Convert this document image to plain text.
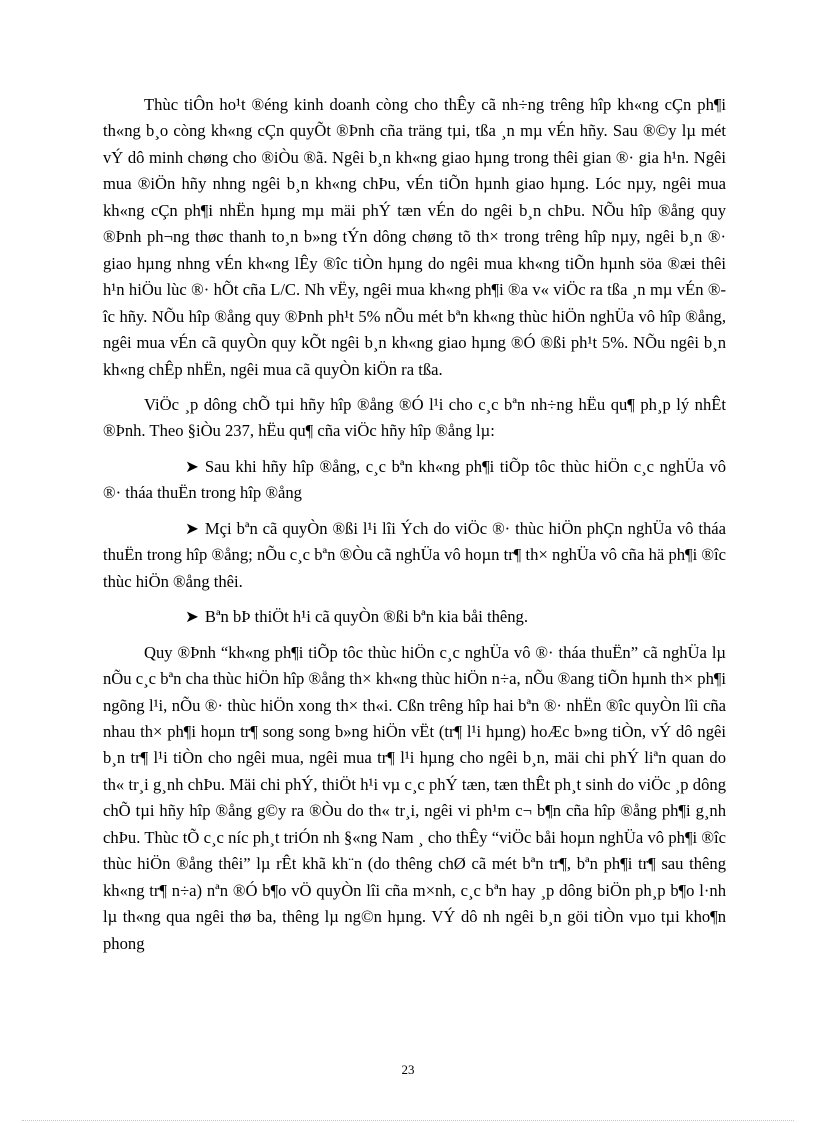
Thùc tiÔn ho¹t ®éng kinh doanh còng cho thÊy cã nh÷ng trêng hîp kh«ng cÇn ph¶i th«ng b¸o còng kh«ng cÇn quyÕt ®Þnh cña träng tµi, tßa ¸n mµ vÉn hñy. Sau ®©y lµ mét vÝ dô minh chøng cho ®iÒu ®ã. Ngêi b¸n kh«ng giao hµng trong thêi gian ®· gia h¹n. Ngêi mua ®iÖn hñy nhng ngêi b¸n kh«ng chÞu, vÉn tiÕn hµnh giao hµng. Lóc nµy, ngêi mua kh«ng cÇn ph¶i nhËn hµng mµ mäi phÝ tæn vÉn do ngêi b¸n chÞu. NÕu hîp ®ång quy ®Þnh ph¬ng thøc thanh to¸n b»ng tÝn dông chøng tõ th× trong trêng hîp nµy, ngêi b¸n ®· giao hµng nhng vÉn kh«ng lÊy ®îc tiÒn hµng do ngêi mua kh«ng tiÕn hµnh söa ®æi thêi h¹n hiÖu lùc ®· hÕt cña L/C. Nh vËy, ngêi mua kh«ng ph¶i ®a v« viÖc ra tßa ¸n mµ vÉn ®îc hñy. NÕu hîp ®ång quy ®Þnh ph¹t 5% nÕu mét bªn kh«ng thùc hiÖn nghÜa vô hîp ®ång, ngêi mua vÉn cã quyÒn quy kÕt ngêi b¸n kh«ng giao hµng ®Ó ®ßi ph¹t 5%. NÕu ngêi b¸n kh«ng chÊp nhËn, ngêi mua cã quyÒn kiÖn ra tßa.

ViÖc ¸p dông chÕ tµi hñy hîp ®ång ®Ó l¹i cho c¸c bªn nh÷ng hËu qu¶ ph¸p lý nhÊt ®Þnh. Theo §iÒu 237, hËu qu¶ cña viÖc hñy hîp ®ång lµ:

➤ Sau khi hñy hîp ®ång, c¸c bªn kh«ng ph¶i tiÕp tôc thùc hiÖn c¸c nghÜa vô ®· tháa thuËn trong hîp ®ång

➤ Mçi bªn cã quyÒn ®ßi l¹i lîi Ých do viÖc ®· thùc hiÖn phÇn nghÜa vô tháa thuËn trong hîp ®ång; nÕu c¸c bªn ®Òu cã nghÜa vô hoµn tr¶ th× nghÜa vô cña hä ph¶i ®îc thùc hiÖn ®ång thêi.

➤ Bªn bÞ thiÖt h¹i cã quyÒn ®ßi bªn kia båi thêng.

Quy ®Þnh “kh«ng ph¶i tiÕp tôc thùc hiÖn c¸c nghÜa vô ®· tháa thuËn” cã nghÜa lµ nÕu c¸c bªn cha thùc hiÖn hîp ®ång th× kh«ng thùc hiÖn n÷a, nÕu ®ang tiÕn hµnh th× ph¶i ngõng l¹i, nÕu ®· thùc hiÖn xong th× th«i. Cßn trêng hîp hai bªn ®· nhËn ®îc quyÒn lîi cña nhau th× ph¶i hoµn tr¶ song song b»ng hiÖn vËt (tr¶ l¹i hµng) hoÆc b»ng tiÒn, vÝ dô ngêi b¸n tr¶ l¹i tiÒn cho ngêi mua, ngêi mua tr¶ l¹i hµng cho ngêi b¸n, mäi chi phÝ liªn quan do th« tr¸i g¸nh chÞu. Mäi chi phÝ, thiÖt h¹i vµ c¸c phÝ tæn, tæn thÊt ph¸t sinh do viÖc ¸p dông chÕ tµi hñy hîp ®ång g©y ra ®Òu do th« tr¸i, ngêi vi ph¹m c¬ b¶n cña hîp ®ång ph¶i g¸nh chÞu. Thùc tÕ c¸c níc ph¸t triÓn nh §«ng Nam ¸ cho thÊy “viÖc båi hoµn nghÜa vô ph¶i ®îc thùc hiÖn ®ång thêi” lµ rÊt khã kh¨n (do thêng chØ cã mét bªn tr¶, bªn ph¶i tr¶ sau thêng kh«ng tr¶ n÷a) nªn ®Ó b¶o vÖ quyÒn lîi cña m×nh, c¸c bªn hay ¸p dông biÖn ph¸p b¶o l·nh lµ th«ng qua ngêi thø ba, thêng lµ ng©n hµng. VÝ dô nh ngêi b¸n göi tiÒn vµo tµi kho¶n phong

23
